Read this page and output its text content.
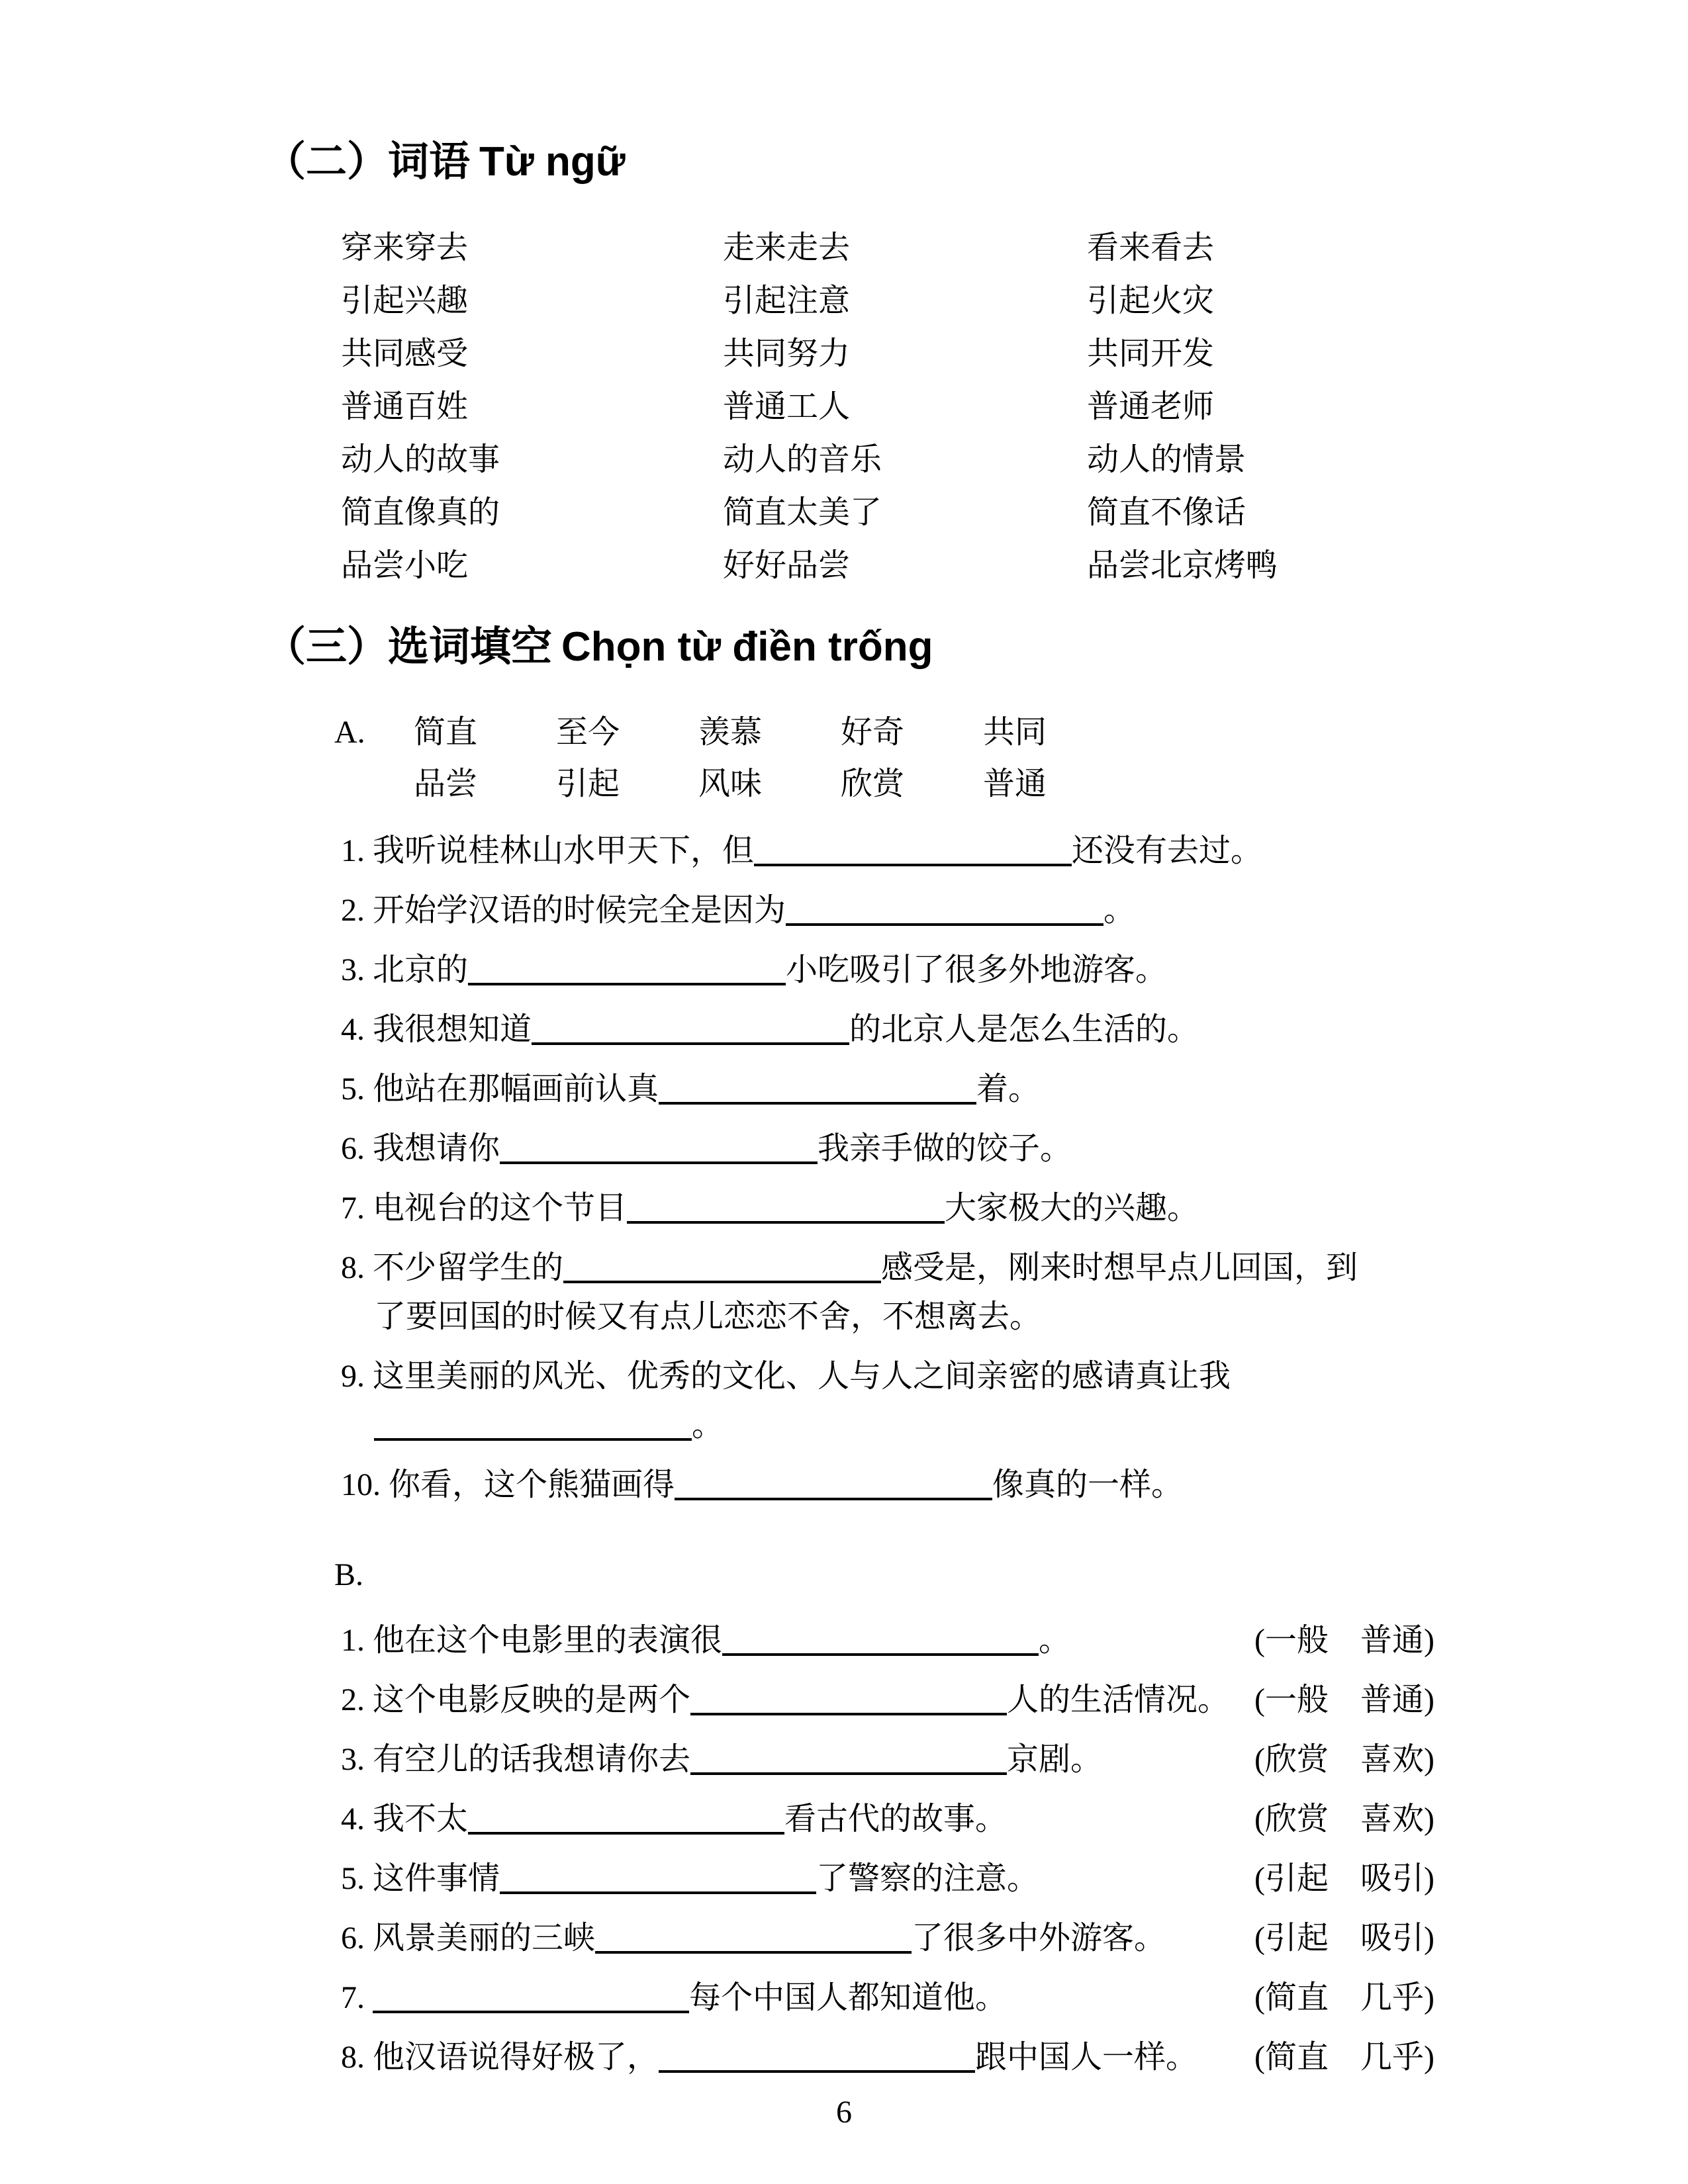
（二）词语 Từ ngữ
穿来穿去	走来走去	看来看去
引起兴趣	引起注意	引起火灾
共同感受	共同努力	共同开发
普通百姓	普通工人	普通老师
动人的故事	动人的音乐	动人的情景
简直像真的	简直太美了	简直不像话
品尝小吃	好好品尝	品尝北京烤鸭
（三）选词填空 Chọn từ điền trống
A.	简直	至今	羡慕	好奇	共同
品尝	引起	风味	欣赏	普通
1. 我听说桂林山水甲天下，但	还没有去过。
2. 开始学汉语的时候完全是因为	。
3. 北京的	小吃吸引了很多外地游客。
4. 我很想知道	的北京人是怎么生活的。
5. 他站在那幅画前认真	着。
6. 我想请你	我亲手做的饺子。
7. 电视台的这个节目	大家极大的兴趣。
8. 不少留学生的	感受是，刚来时想早点儿回国，到
了要回国的时候又有点儿恋恋不舍，不想离去。
9. 这里美丽的风光、优秀的文化、人与人之间亲密的感请真让我
。
10. 你看，这个熊猫画得	像真的一样。
B.
1. 他在这个电影里的表演很	。	(一般　普通)
2. 这个电影反映的是两个	人的生活情况。 (一般　普通)
3. 有空儿的话我想请你去	京剧。	(欣赏　喜欢)
4. 我不太	看古代的故事。	(欣赏　喜欢)
5. 这件事情	了警察的注意。	(引起　吸引)
6. 风景美丽的三峡	了很多中外游客。	(引起　吸引)
7.	每个中国人都知道他。	(简直　几乎)
8. 他汉语说得好极了，	跟中国人一样。 (简直　几乎)
6
